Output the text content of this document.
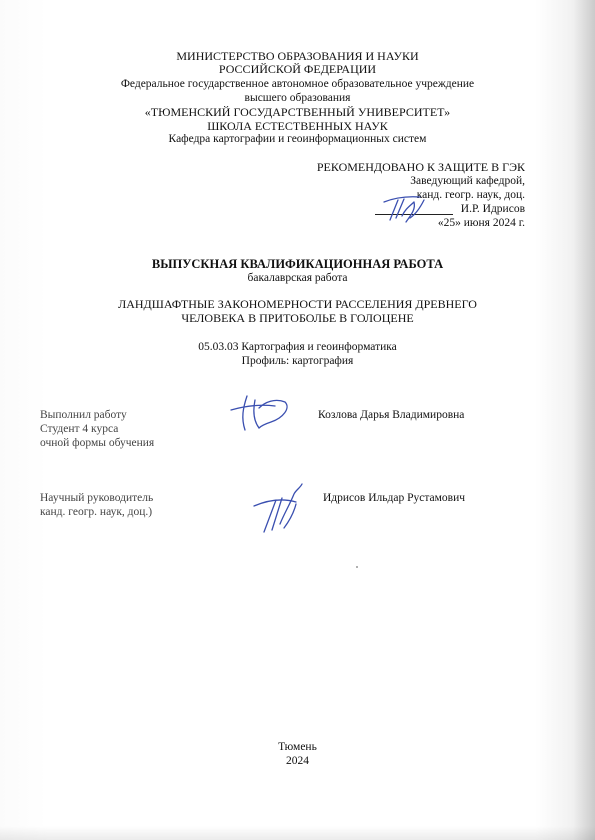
МИНИСТЕРСТВО ОБРАЗОВАНИЯ И НАУКИ
РОССИЙСКОЙ ФЕДЕРАЦИИ
Федеральное государственное автономное образовательное учреждение
высшего образования
«ТЮМЕНСКИЙ ГОСУДАРСТВЕННЫЙ УНИВЕРСИТЕТ»
ШКОЛА ЕСТЕСТВЕННЫХ НАУК
Кафедра картографии и геоинформационных систем
РЕКОМЕНДОВАНО К ЗАЩИТЕ В ГЭК
Заведующий кафедрой,
канд. геогр. наук, доц.
И.Р. Идрисов
«25» июня 2024 г.
ВЫПУСКНАЯ КВАЛИФИКАЦИОННАЯ РАБОТА
бакалаврская работа
ЛАНДШАФТНЫЕ ЗАКОНОМЕРНОСТИ РАССЕЛЕНИЯ ДРЕВНЕГО
ЧЕЛОВЕКА В ПРИТОБОЛЬЕ В ГОЛОЦЕНЕ
05.03.03 Картография и геоинформатика
Профиль: картография
Выполнил работу
Студент 4 курса
очной формы обучения
Козлова Дарья Владимировна
Научный руководитель
канд. геогр. наук, доц.)
Идрисов Ильдар Рустамович
Тюмень
2024
